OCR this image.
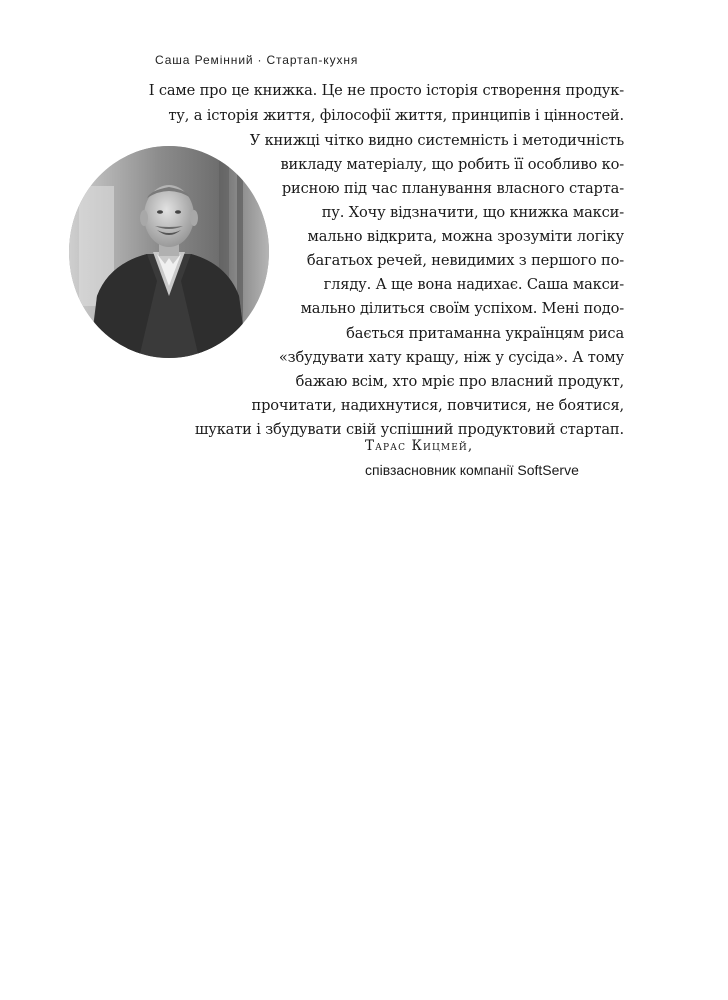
Саша Ремінний · Стартап-кухня
І саме про це книжка. Це не просто історія створення продук-
ту, а історія життя, філософії життя, принципів і цінностей.
У книжці чітко видно системність і методичність
викладу матеріалу, що робить її особливо ко-
рисною під час планування власного стартa-
пу. Хочу відзначити, що книжка макси-
мально відкрита, можна зрозуміти логіку
багатьох речей, невидимих з першого по-
гляду. А ще вона надихає. Саша макси-
мально ділиться своїм успіхом. Мені подо-
бається притаманна українцям риса
«збудувати хату кращу, ніж у сусіда». А тому
бажаю всім, хто мріє про власний продукт,
прочитати, надихнутися, повчитися, не боятися,
шукати і збудувати свій успішний продуктовий стартап.
Тарас Кицмей,
співзасновник компанії SoftServe
